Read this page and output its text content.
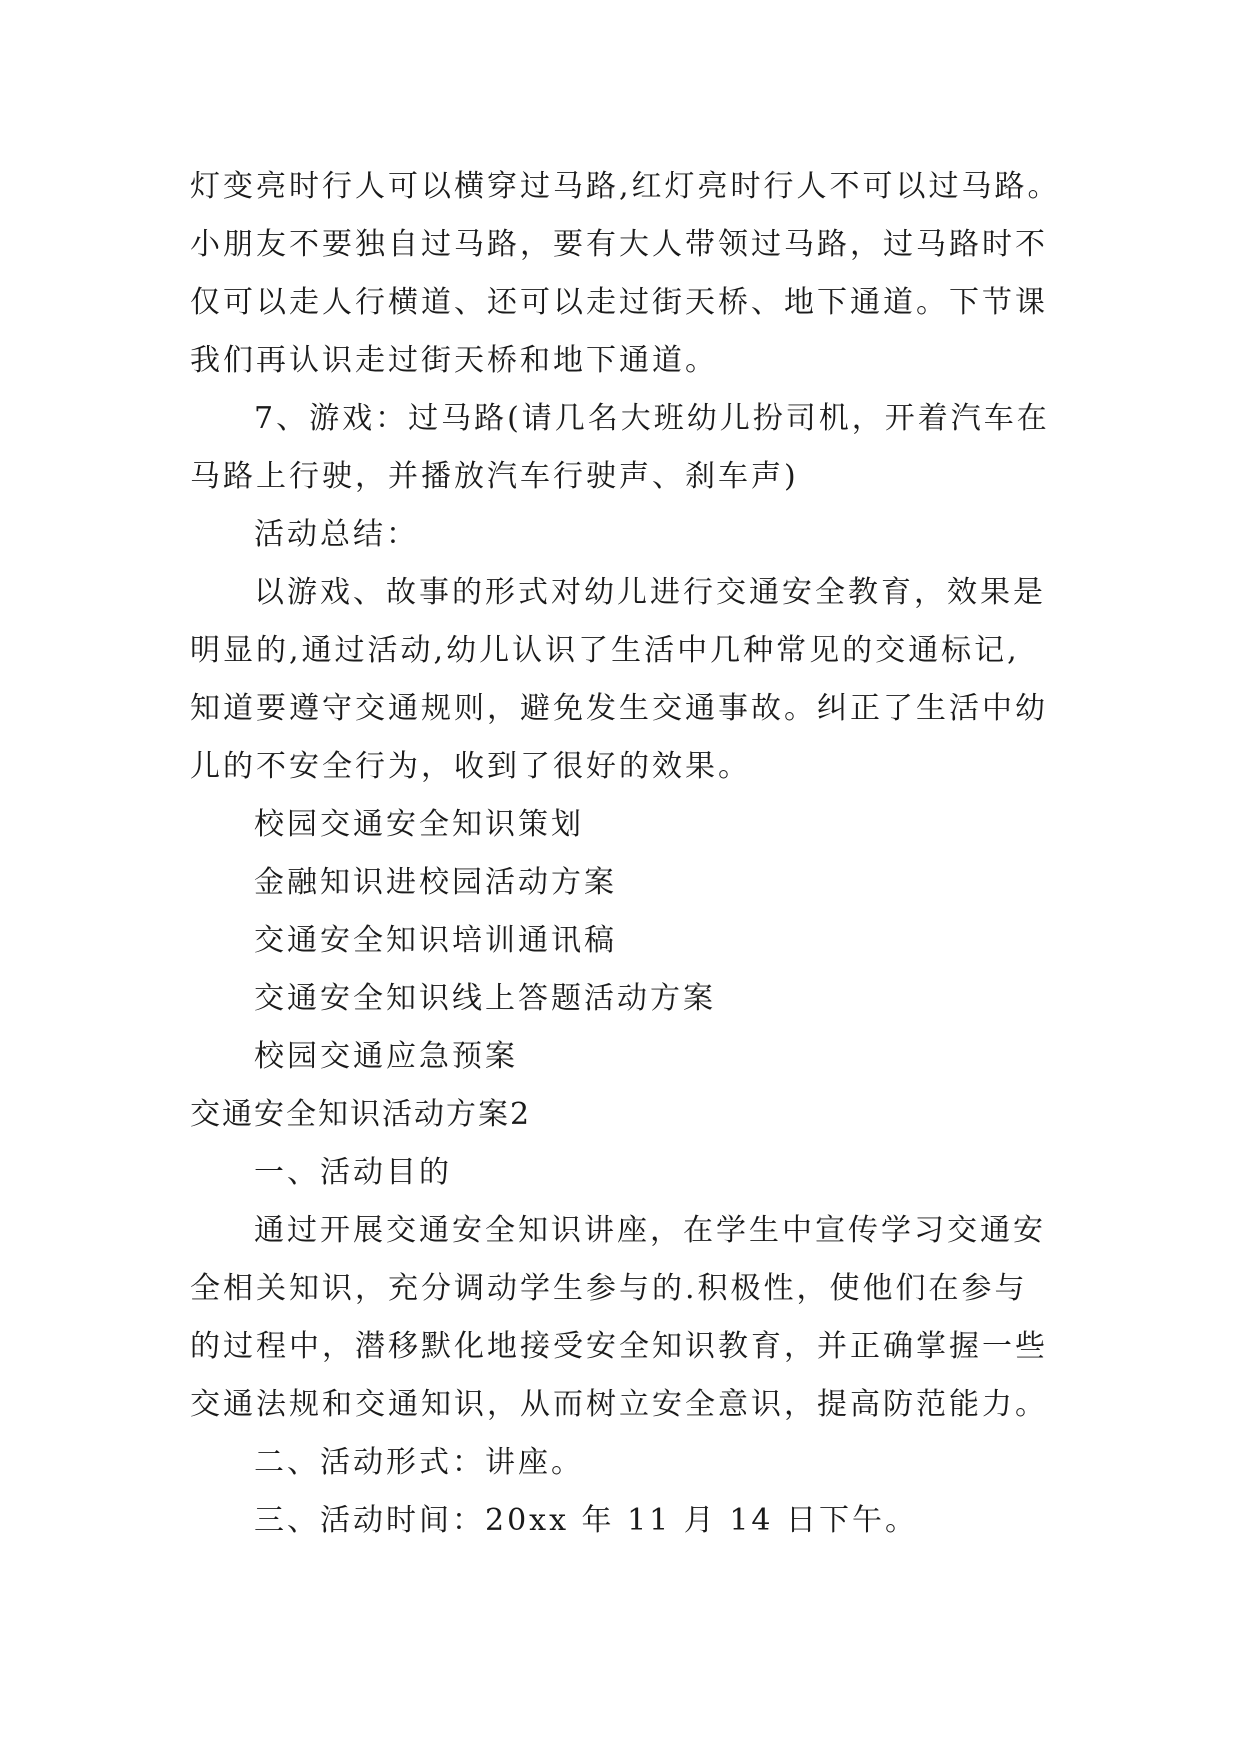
灯变亮时行人可以横穿过马路,红灯亮时行人不可以过马路。
小朋友不要独自过马路，要有大人带领过马路，过马路时不
仅可以走人行横道、还可以走过街天桥、地下通道。下节课
我们再认识走过街天桥和地下通道。
7、游戏：过马路(请几名大班幼儿扮司机，开着汽车在
马路上行驶，并播放汽车行驶声、刹车声)
活动总结：
以游戏、故事的形式对幼儿进行交通安全教育，效果是
明显的,通过活动,幼儿认识了生活中几种常见的交通标记,
知道要遵守交通规则，避免发生交通事故。纠正了生活中幼
儿的不安全行为，收到了很好的效果。
校园交通安全知识策划
金融知识进校园活动方案
交通安全知识培训通讯稿
交通安全知识线上答题活动方案
校园交通应急预案
交通安全知识活动方案2
一、活动目的
通过开展交通安全知识讲座，在学生中宣传学习交通安
全相关知识，充分调动学生参与的.积极性，使他们在参与
的过程中，潜移默化地接受安全知识教育，并正确掌握一些
交通法规和交通知识，从而树立安全意识，提高防范能力。
二、活动形式：讲座。
三、活动时间：20xx 年 11 月 14 日下午。
